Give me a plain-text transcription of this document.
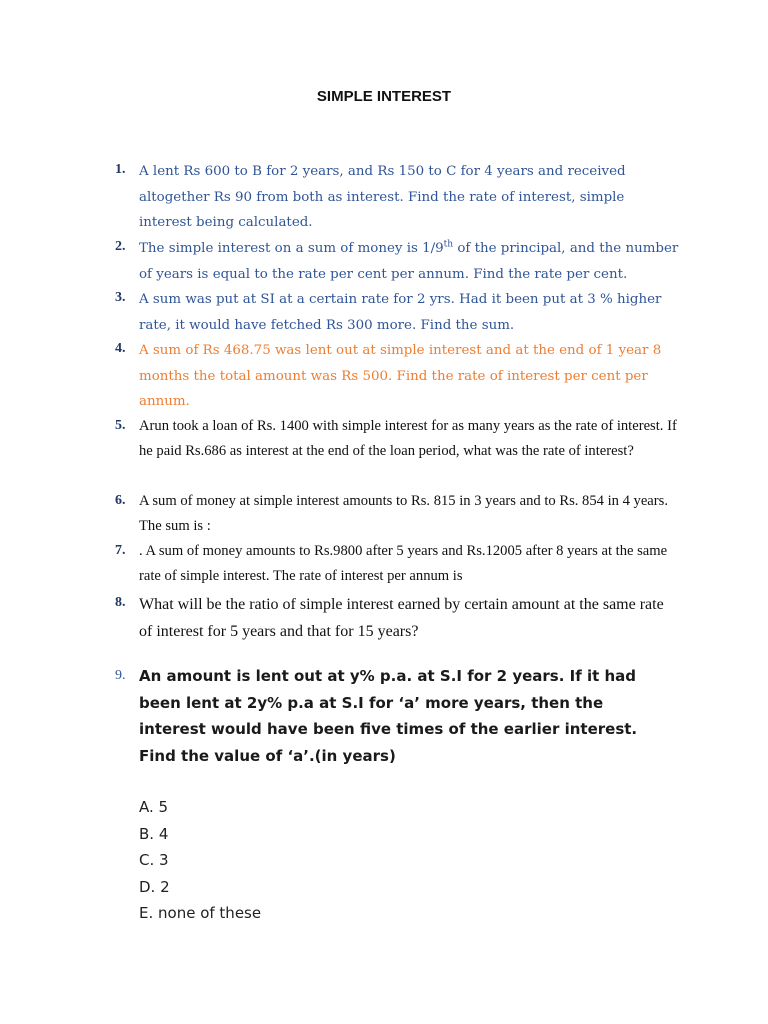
SIMPLE INTEREST
1. A lent Rs 600 to B for 2 years, and Rs 150 to C for 4 years and received altogether Rs 90 from both as interest. Find the rate of interest, simple interest being calculated.
2. The simple interest on a sum of money is 1/9th of the principal, and the number of years is equal to the rate per cent per annum. Find the rate per cent.
3. A sum was put at SI at a certain rate for 2 yrs. Had it been put at 3 % higher rate, it would have fetched Rs 300 more. Find the sum.
4. A sum of Rs 468.75 was lent out at simple interest and at the end of 1 year 8 months the total amount was Rs 500. Find the rate of interest per cent per annum.
5. Arun took a loan of Rs. 1400 with simple interest for as many years as the rate of interest. If he paid Rs.686 as interest at the end of the loan period, what was the rate of interest?
6. A sum of money at simple interest amounts to Rs. 815 in 3 years and to Rs. 854 in 4 years. The sum is :
7. . A sum of money amounts to Rs.9800 after 5 years and Rs.12005 after 8 years at the same rate of simple interest. The rate of interest per annum is
8. What will be the ratio of simple interest earned by certain amount at the same rate of interest for 5 years and that for 15 years?
9. An amount is lent out at y% p.a. at S.I for 2 years. If it had been lent at 2y% p.a at S.I for ‘a’ more years, then the interest would have been five times of the earlier interest. Find the value of ‘a’.(in years)
A. 5
B. 4
C. 3
D. 2
E. none of these
